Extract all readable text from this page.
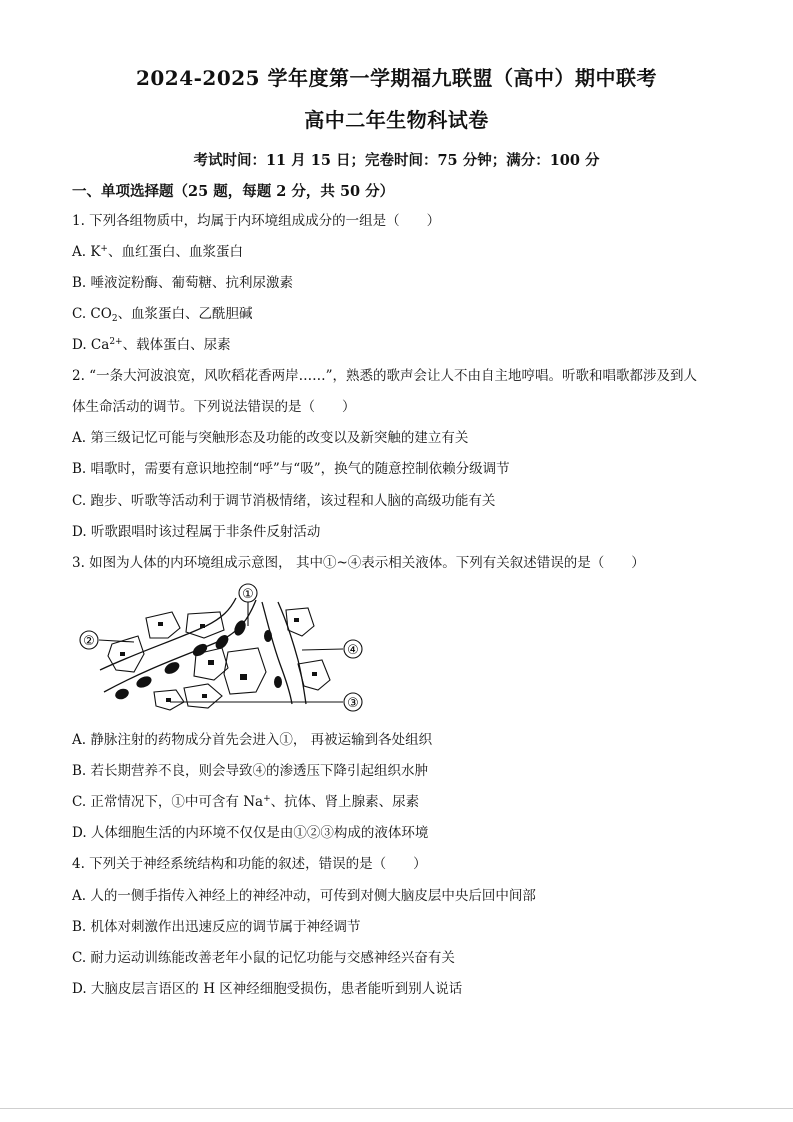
2024-2025 学年度第一学期福九联盟（高中）期中联考
高中二年生物科试卷
考试时间：11 月 15 日；完卷时间：75 分钟；满分：100 分
一、单项选择题（25 题，每题 2 分，共 50 分）
1. 下列各组物质中，均属于内环境组成成分的一组是（　　）
A. K+、血红蛋白、血浆蛋白
B. 唾液淀粉酶、葡萄糖、抗利尿激素
C. $CO_2$、血浆蛋白、乙酰胆碱
D. $Ca^{2+}$、载体蛋白、尿素
2. “一条大河波浪宽，风吹稻花香两岸……”，熟悉的歌声会让人不由自主地哼唱。听歌和唱歌都涉及到人
体生命活动的调节。下列说法错误的是（　　）
A. 第三级记忆可能与突触形态及功能的改变以及新突触的建立有关
B. 唱歌时，需要有意识地控制“呼”与“吸”，换气的随意控制依赖分级调节
C. 跑步、听歌等活动利于调节消极情绪，该过程和人脑的高级功能有关
D. 听歌跟唱时该过程属于非条件反射活动
3. 如图为人体的内环境组成示意图， 其中①~④表示相关液体。下列有关叙述错误的是（　　）
①
②
④
③
A. 静脉注射的药物成分首先会进入①， 再被运输到各处组织
B. 若长期营养不良，则会导致④的渗透压下降引起组织水肿
C. 正常情况下，①中可含有 Na+、抗体、肾上腺素、尿素
D. 人体细胞生活的内环境不仅仅是由①②③构成的液体环境
4. 下列关于神经系统结构和功能的叙述，错误的是（　　）
A. 人的一侧手指传入神经上的神经冲动，可传到对侧大脑皮层中央后回中间部
B. 机体对刺激作出迅速反应的调节属于神经调节
C. 耐力运动训练能改善老年小鼠的记忆功能与交感神经兴奋有关
D. 大脑皮层言语区的 H 区神经细胞受损伤，患者能听到别人说话
